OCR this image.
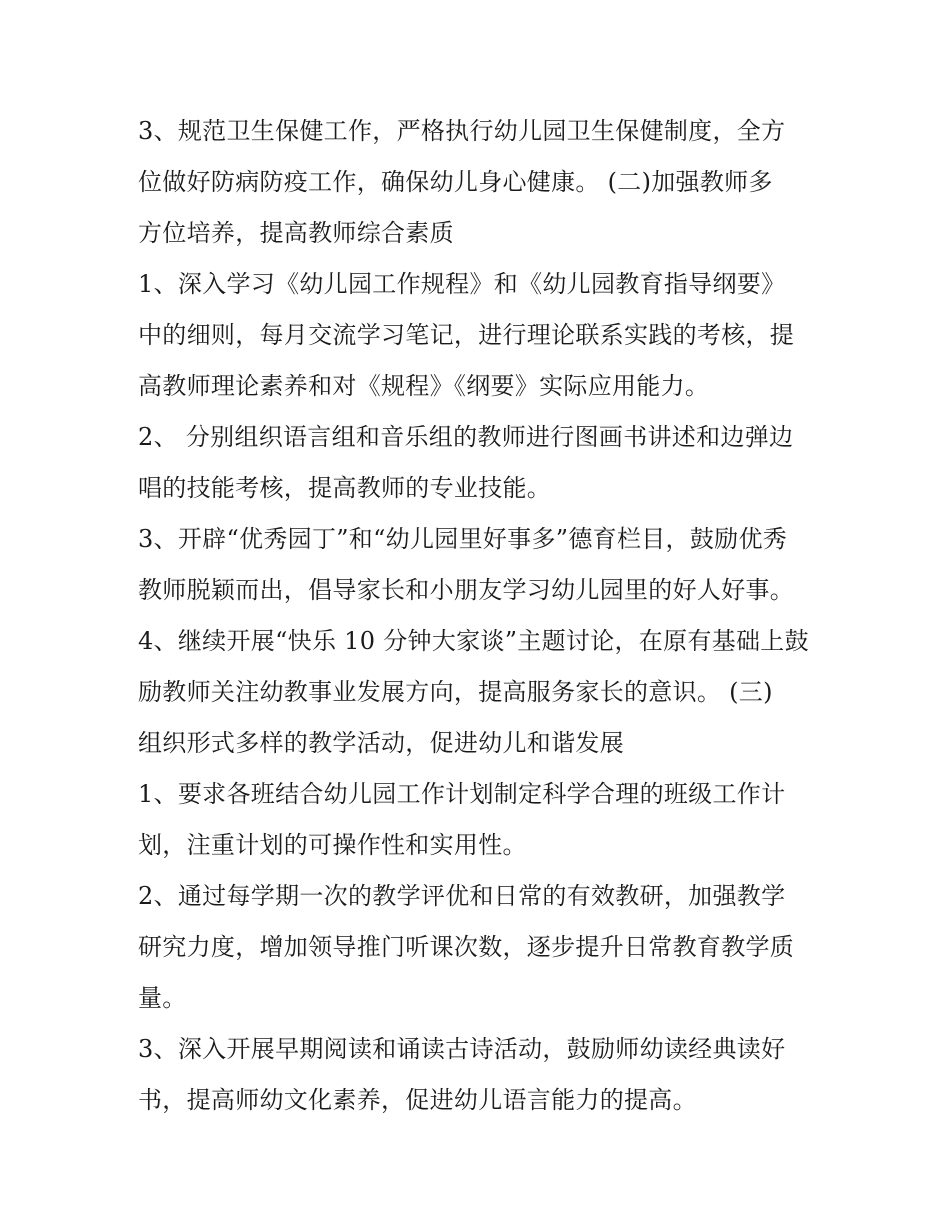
3、规范卫生保健工作，严格执行幼儿园卫生保健制度，全方
位做好防病防疫工作，确保幼儿身心健康。 (二)加强教师多
方位培养，提高教师综合素质
1、深入学习《幼儿园工作规程》和《幼儿园教育指导纲要》
中的细则，每月交流学习笔记，进行理论联系实践的考核，提
高教师理论素养和对《规程》《纲要》实际应用能力。
2、 分别组织语言组和音乐组的教师进行图画书讲述和边弹边
唱的技能考核，提高教师的专业技能。
3、开辟“优秀园丁”和“幼儿园里好事多”德育栏目，鼓励优秀
教师脱颖而出，倡导家长和小朋友学习幼儿园里的好人好事。
4、继续开展“快乐 10 分钟大家谈”主题讨论，在原有基础上鼓
励教师关注幼教事业发展方向，提高服务家长的意识。 (三)
组织形式多样的教学活动，促进幼儿和谐发展
1、要求各班结合幼儿园工作计划制定科学合理的班级工作计
划，注重计划的可操作性和实用性。
2、通过每学期一次的教学评优和日常的有效教研，加强教学
研究力度，增加领导推门听课次数，逐步提升日常教育教学质
量。
3、深入开展早期阅读和诵读古诗活动，鼓励师幼读经典读好
书，提高师幼文化素养，促进幼儿语言能力的提高。
